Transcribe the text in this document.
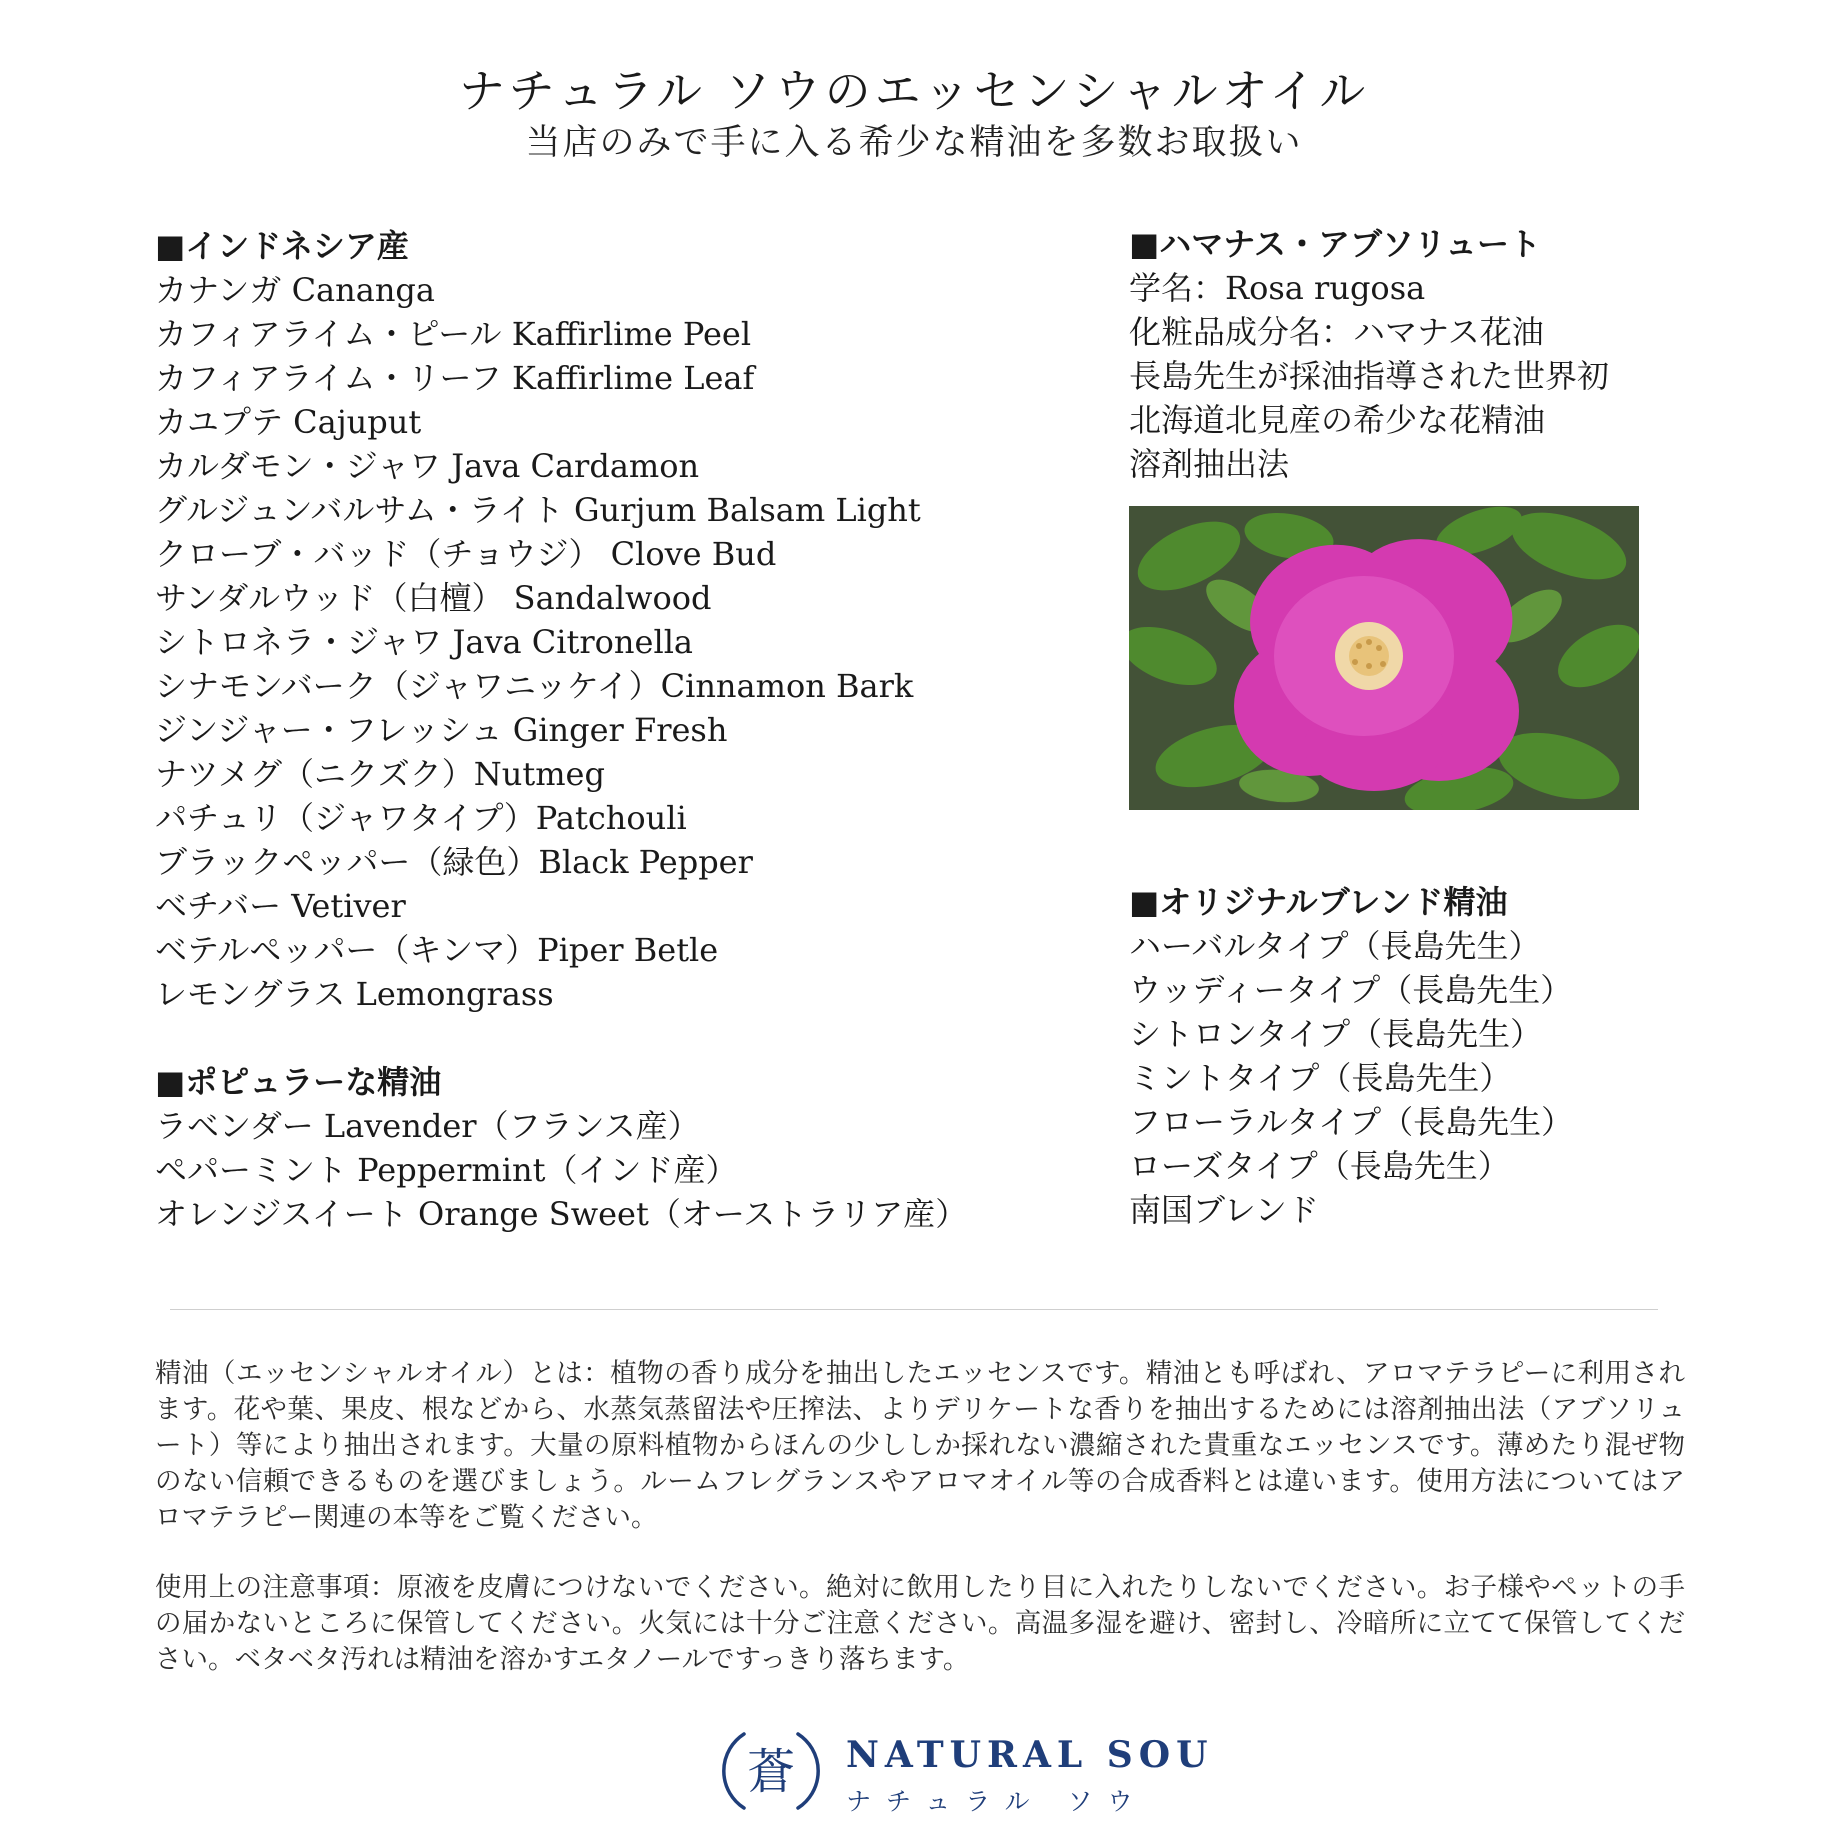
ナチュラル ソウのエッセンシャルオイル
当店のみで手に入る希少な精油を多数お取扱い
■インドネシア産
カナンガ Cananga
カフィアライム・ピール Kaffirlime Peel
カフィアライム・リーフ Kaffirlime Leaf
カユプテ Cajuput
カルダモン・ジャワ Java Cardamon
グルジュンバルサム・ライト Gurjum Balsam Light
クローブ・バッド（チョウジ） Clove Bud
サンダルウッド（白檀） Sandalwood
シトロネラ・ジャワ Java Citronella
シナモンバーク（ジャワニッケイ）Cinnamon Bark
ジンジャー・フレッシュ Ginger Fresh
ナツメグ（ニクズク）Nutmeg
パチュリ（ジャワタイプ）Patchouli
ブラックペッパー（緑色）Black Pepper
ベチバー Vetiver
ベテルペッパー（キンマ）Piper Betle
レモングラス Lemongrass
■ポピュラーな精油
ラベンダー Lavender（フランス産）
ペパーミント Peppermint（インド産）
オレンジスイート Orange Sweet（オーストラリア産）
■ハマナス・アブソリュート
学名：Rosa rugosa
化粧品成分名：ハマナス花油
長島先生が採油指導された世界初
北海道北見産の希少な花精油
溶剤抽出法
■オリジナルブレンド精油
ハーバルタイプ（長島先生）
ウッディータイプ（長島先生）
シトロンタイプ（長島先生）
ミントタイプ（長島先生）
フローラルタイプ（長島先生）
ローズタイプ（長島先生）
南国ブレンド

精油（エッセンシャルオイル）とは：植物の香り成分を抽出したエッセンスです。精油とも呼ばれ、アロマテラピーに利用されます。花や葉、果皮、根などから、水蒸気蒸留法や圧搾法、よりデリケートな香りを抽出するためには溶剤抽出法（アブソリュート）等により抽出されます。大量の原料植物からほんの少ししか採れない濃縮された貴重なエッセンスです。薄めたり混ぜ物のない信頼できるものを選びましょう。ルームフレグランスやアロマオイル等の合成香料とは違います。使用方法についてはアロマテラピー関連の本等をご覧ください。

使用上の注意事項：原液を皮膚につけないでください。絶対に飲用したり目に入れたりしないでください。お子様やペットの手の届かないところに保管してください。火気には十分ご注意ください。高温多湿を避け、密封し、冷暗所に立てて保管してください。ベタベタ汚れは精油を溶かすエタノールですっきり落ちます。

蒼 NATURAL SOU
ナチュラル ソウ
